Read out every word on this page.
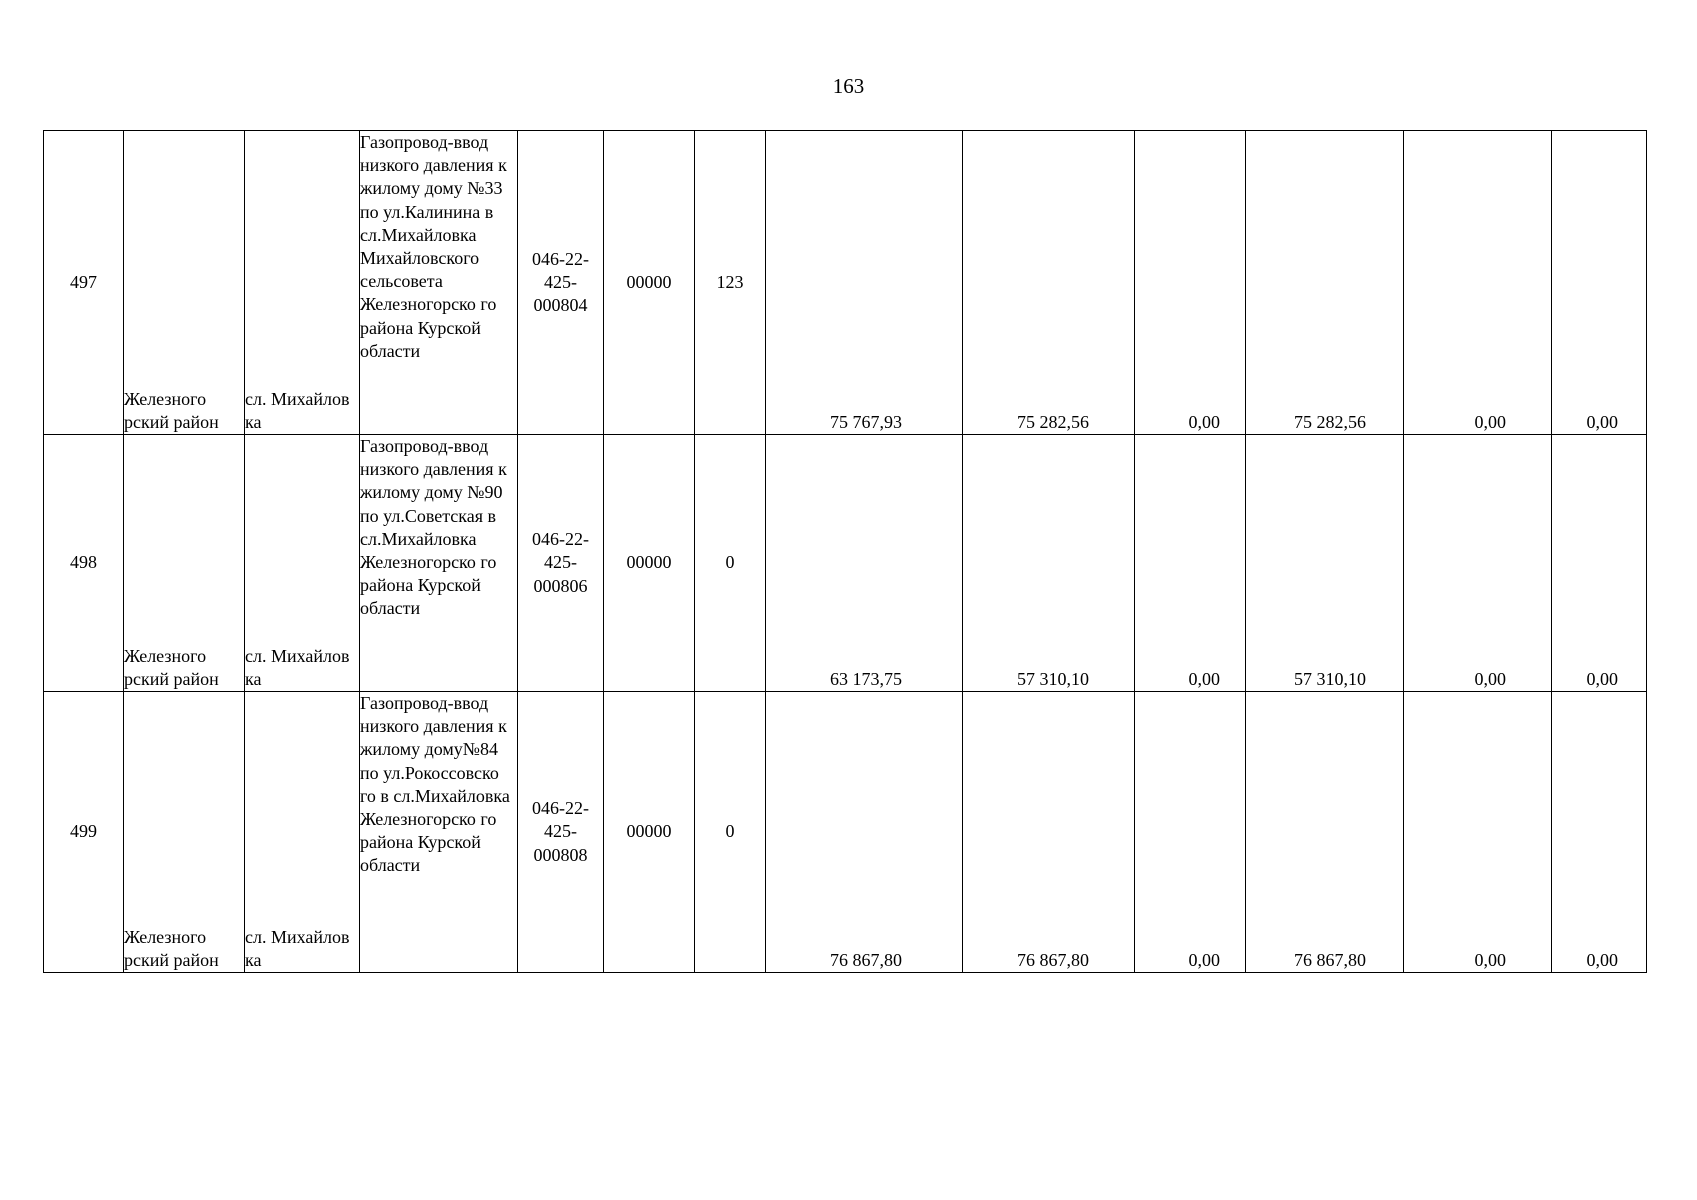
163
497	Железного рский район	сл. Михайлов ка	Газопровод-ввод низкого давления к жилому дому №33 по ул.Калинина в сл.Михайловка Михайловского сельсовета Железногорско го района Курской области	046-22-425-000804	00000	123	75 767,93	75 282,56	0,00	75 282,56	0,00	0,00

498	Железного рский район	сл. Михайлов ка	Газопровод-ввод низкого давления к жилому дому №90 по ул.Советская в сл.Михайловка Железногорско го района Курской области	046-22-425-000806	00000	0	63 173,75	57 310,10	0,00	57 310,10	0,00	0,00

499	Железного рский район	сл. Михайлов ка	Газопровод-ввод низкого давления к жилому дому№84 по ул.Рокоссовско го в сл.Михайловка Железногорско го района Курской области	046-22-425-000808	00000	0	76 867,80	76 867,80	0,00	76 867,80	0,00	0,00
